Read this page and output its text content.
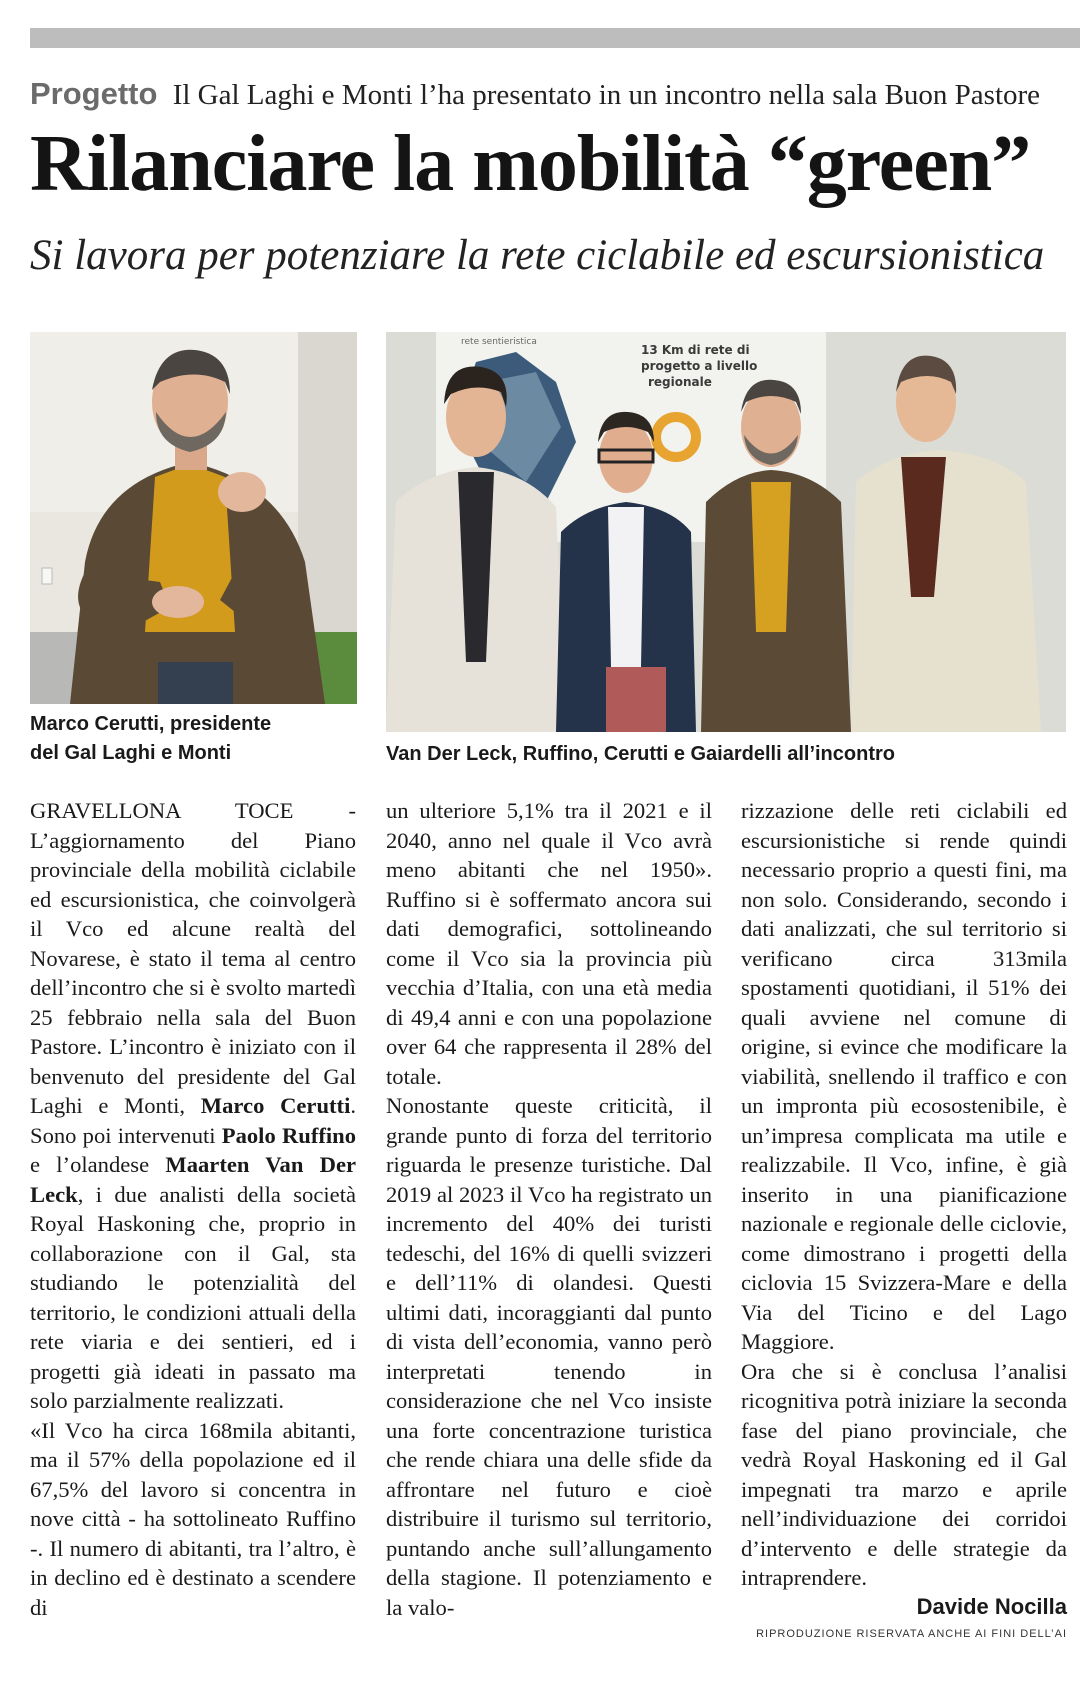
Progetto Il Gal Laghi e Monti l’ha presentato in un incontro nella sala Buon Pastore
Rilanciare la mobilità “green”
Si lavora per potenziare la rete ciclabile ed escursionistica
rete sentieristica
13 Km di rete di
progetto a livello
regionale
Marco Cerutti, presidente
del Gal Laghi e Monti	Van Der Leck, Ruffino, Cerutti e Gaiardelli all’incontro

GRAVELLONA TOCE - L’aggiornamento del Piano provinciale della mobilità ciclabile ed escursionistica, che coinvolgerà il Vco ed alcune realtà del Novarese, è stato il tema al centro dell’incontro che si è svolto martedì 25 febbraio nella sala del Buon Pastore. L’incontro è iniziato con il benvenuto del presidente del Gal Laghi e Monti, Marco Cerutti. Sono poi intervenuti Paolo Ruffino e l’olandese Maarten Van Der Leck, i due analisti della società Royal Haskoning che, proprio in collaborazione con il Gal, sta studiando le potenzialità del territorio, le condizioni attuali della rete viaria e dei sentieri, ed i progetti già ideati in passato ma solo parzialmente realizzati.

«Il Vco ha circa 168mila abitanti, ma il 57% della popolazione ed il 67,5% del lavoro si concentra in nove città - ha sottolineato Ruffino -. Il numero di abitanti, tra l’altro, è in declino ed è destinato a scendere di

un ulteriore 5,1% tra il 2021 e il 2040, anno nel quale il Vco avrà meno abitanti che nel 1950». Ruffino si è soffermato ancora sui dati demografici, sottolineando come il Vco sia la provincia più vecchia d’Italia, con una età media di 49,4 anni e con una popolazione over 64 che rappresenta il 28% del totale.

Nonostante queste criticità, il grande punto di forza del territorio riguarda le presenze turistiche. Dal 2019 al 2023 il Vco ha registrato un incremento del 40% dei turisti tedeschi, del 16% di quelli svizzeri e dell’11% di olandesi. Questi ultimi dati, incoraggianti dal punto di vista dell’economia, vanno però interpretati tenendo in considerazione che nel Vco insiste una forte concentrazione turistica che rende chiara una delle sfide da affrontare nel futuro e cioè distribuire il turismo sul territorio, puntando anche sull’allungamento della stagione. Il potenziamento e la valo-

rizzazione delle reti ciclabili ed escursionistiche si rende quindi necessario proprio a questi fini, ma non solo. Considerando, secondo i dati analizzati, che sul territorio si verificano circa 313mila spostamenti quotidiani, il 51% dei quali avviene nel comune di origine, si evince che modificare la viabilità, snellendo il traffico e con un impronta più ecosostenibile, è un’impresa complicata ma utile e realizzabile. Il Vco, infine, è già inserito in una pianificazione nazionale e regionale delle ciclovie, come dimostrano i progetti della ciclovia 15 Svizzera-Mare e della Via del Ticino e del Lago Maggiore.

Ora che si è conclusa l’analisi ricognitiva potrà iniziare la seconda fase del piano provinciale, che vedrà Royal Haskoning ed il Gal impegnati tra marzo e aprile nell’individuazione dei corridoi d’intervento e delle strategie da intraprendere.

Davide Nocilla
RIPRODUZIONE RISERVATA ANCHE AI FINI DELL’AI
